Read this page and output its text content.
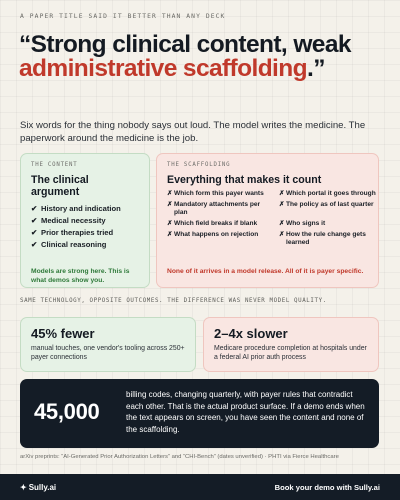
A PAPER TITLE SAID IT BETTER THAN ANY DECK
“Strong clinical content, weak administrative scaffolding.”
Six words for the thing nobody says out loud. The model writes the medicine. The paperwork around the medicine is the job.
THE CONTENT
The clinical argument
✔ History and indication
✔ Medical necessity
✔ Prior therapies tried
✔ Clinical reasoning
Models are strong here. This is what demos show you.
THE SCAFFOLDING
Everything that makes it count
✗ Which form this payer wants ✗ Which portal it goes through
✗ Mandatory attachments per plan
✗ The policy as of last quarter
✗ Which field breaks if blank	✗ Who signs it
✗ What happens on rejection	✗ How the rule change gets learned
None of it arrives in a model release. All of it is payer specific.
SAME TECHNOLOGY, OPPOSITE OUTCOMES. THE DIFFERENCE WAS NEVER MODEL QUALITY.
45% fewer
manual touches, one vendor's tooling across 250+ payer connections
2–4x slower
Medicare procedure completion at hospitals under a federal AI prior auth process
45,000
billing codes, changing quarterly, with payer rules that contradict each other. That is the actual product surface. If a demo ends when the text appears on screen, you have seen the content and none of the scaffolding.
arXiv preprints: “AI-Generated Prior Authorization Letters” and “CHI-Bench” (dates unverified) · PHTI via Fierce Healthcare
✦ Sully.ai	Book your demo with Sully.ai
